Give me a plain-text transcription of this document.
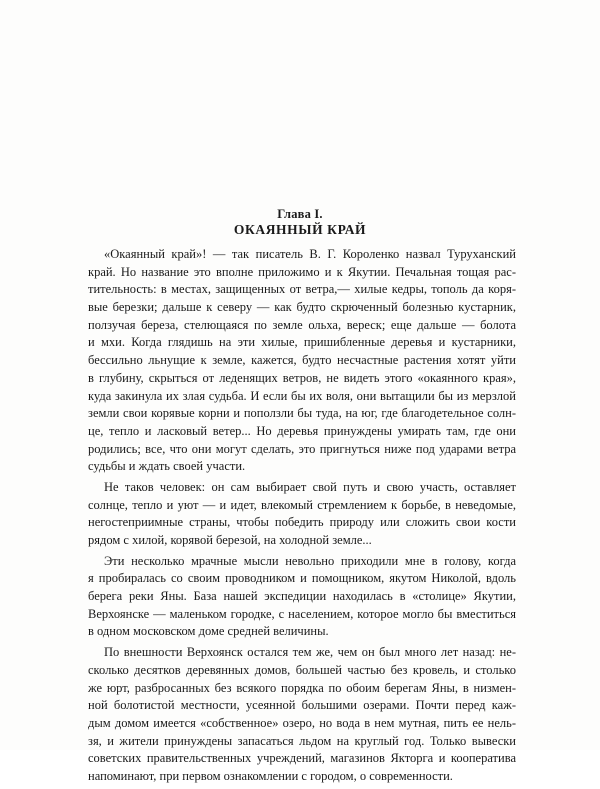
Глава I.
ОКАЯННЫЙ КРАЙ
«Окаянный край»! — так писатель В. Г. Короленко назвал Туруханский
край. Но название это вполне приложимо и к Якутии. Печальная тощая рас-
тительность: в местах, защищенных от ветра,— хилые кедры, тополь да коря-
вые березки; дальше к северу — как будто скрюченный болезнью кустарник,
ползучая береза, стелющаяся по земле ольха, вереск; еще дальше — болота
и мхи. Когда глядишь на эти хилые, пришибленные деревья и кустарники,
бессильно льнущие к земле, кажется, будто несчастные растения хотят уйти
в глубину, скрыться от леденящих ветров, не видеть этого «окаянного края»,
куда закинула их злая судьба. И если бы их воля, они вытащили бы из мерзлой
земли свои корявые корни и поползли бы туда, на юг, где благодетельное солн-
це, тепло и ласковый ветер... Но деревья принуждены умирать там, где они
родились; все, что они могут сделать, это пригнуться ниже под ударами ветра
судьбы и ждать своей участи.
Не таков человек: он сам выбирает свой путь и свою участь, оставляет
солнце, тепло и уют — и идет, влекомый стремлением к борьбе, в неведомые,
негостеприимные страны, чтобы победить природу или сложить свои кости
рядом с хилой, корявой березой, на холодной земле...
Эти несколько мрачные мысли невольно приходили мне в голову, когда
я пробиралась со своим проводником и помощником, якутом Николой, вдоль
берега реки Яны. База нашей экспедиции находилась в «столице» Якутии,
Верхоянске — маленьком городке, с населением, которое могло бы вместиться
в одном московском доме средней величины.
По внешности Верхоянск остался тем же, чем он был много лет назад: не-
сколько десятков деревянных домов, большей частью без кровель, и столько
же юрт, разбросанных без всякого порядка по обоим берегам Яны, в низмен-
ной болотистой местности, усеянной большими озерами. Почти перед каж-
дым домом имеется «собственное» озеро, но вода в нем мутная, пить ее нель-
зя, и жители принуждены запасаться льдом на круглый год. Только вывески
советских правительственных учреждений, магазинов Якторга и кооператива
напоминают, при первом ознакомлении с городом, о современности.
